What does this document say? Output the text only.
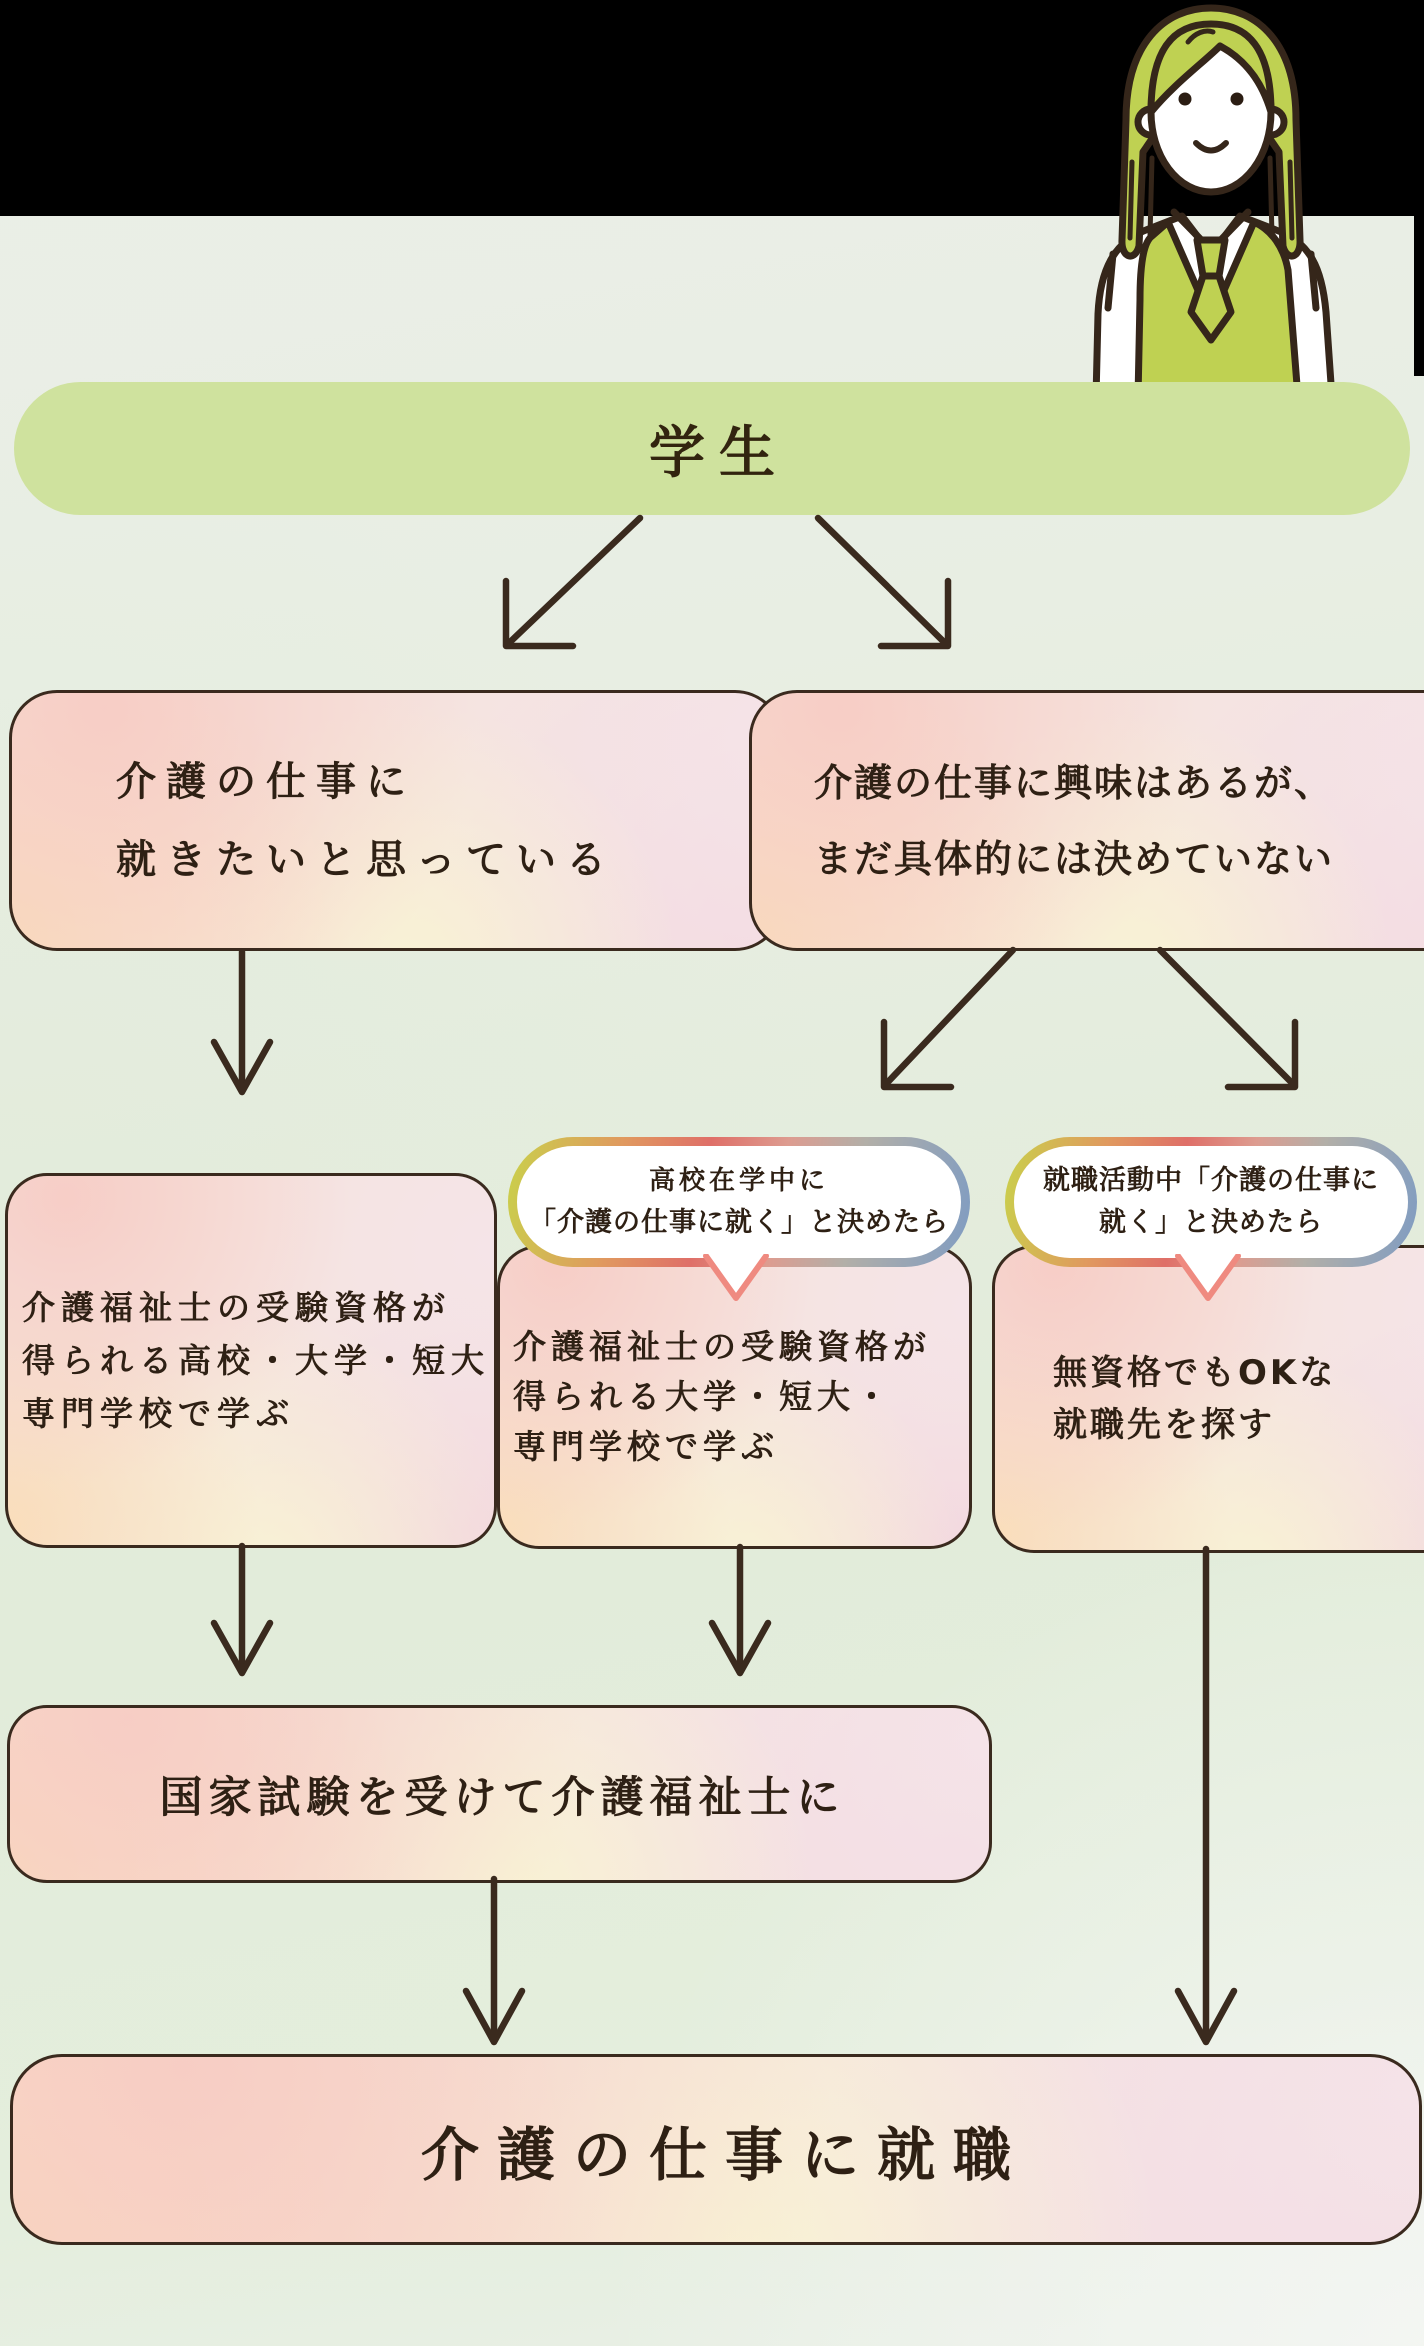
学生
介護の仕事に
就きたいと思っている
介護の仕事に興味はあるが、
まだ具体的には決めていない
介護福祉士の受験資格が
得られる高校・大学・短大
専門学校で学ぶ
介護福祉士の受験資格が
得られる大学・短大・
専門学校で学ぶ
無資格でもOKな
就職先を探す
高校在学中に
「介護の仕事に就く」と決めたら
就職活動中「介護の仕事に
就く」と決めたら
国家試験を受けて介護福祉士に
介護の仕事に就職
